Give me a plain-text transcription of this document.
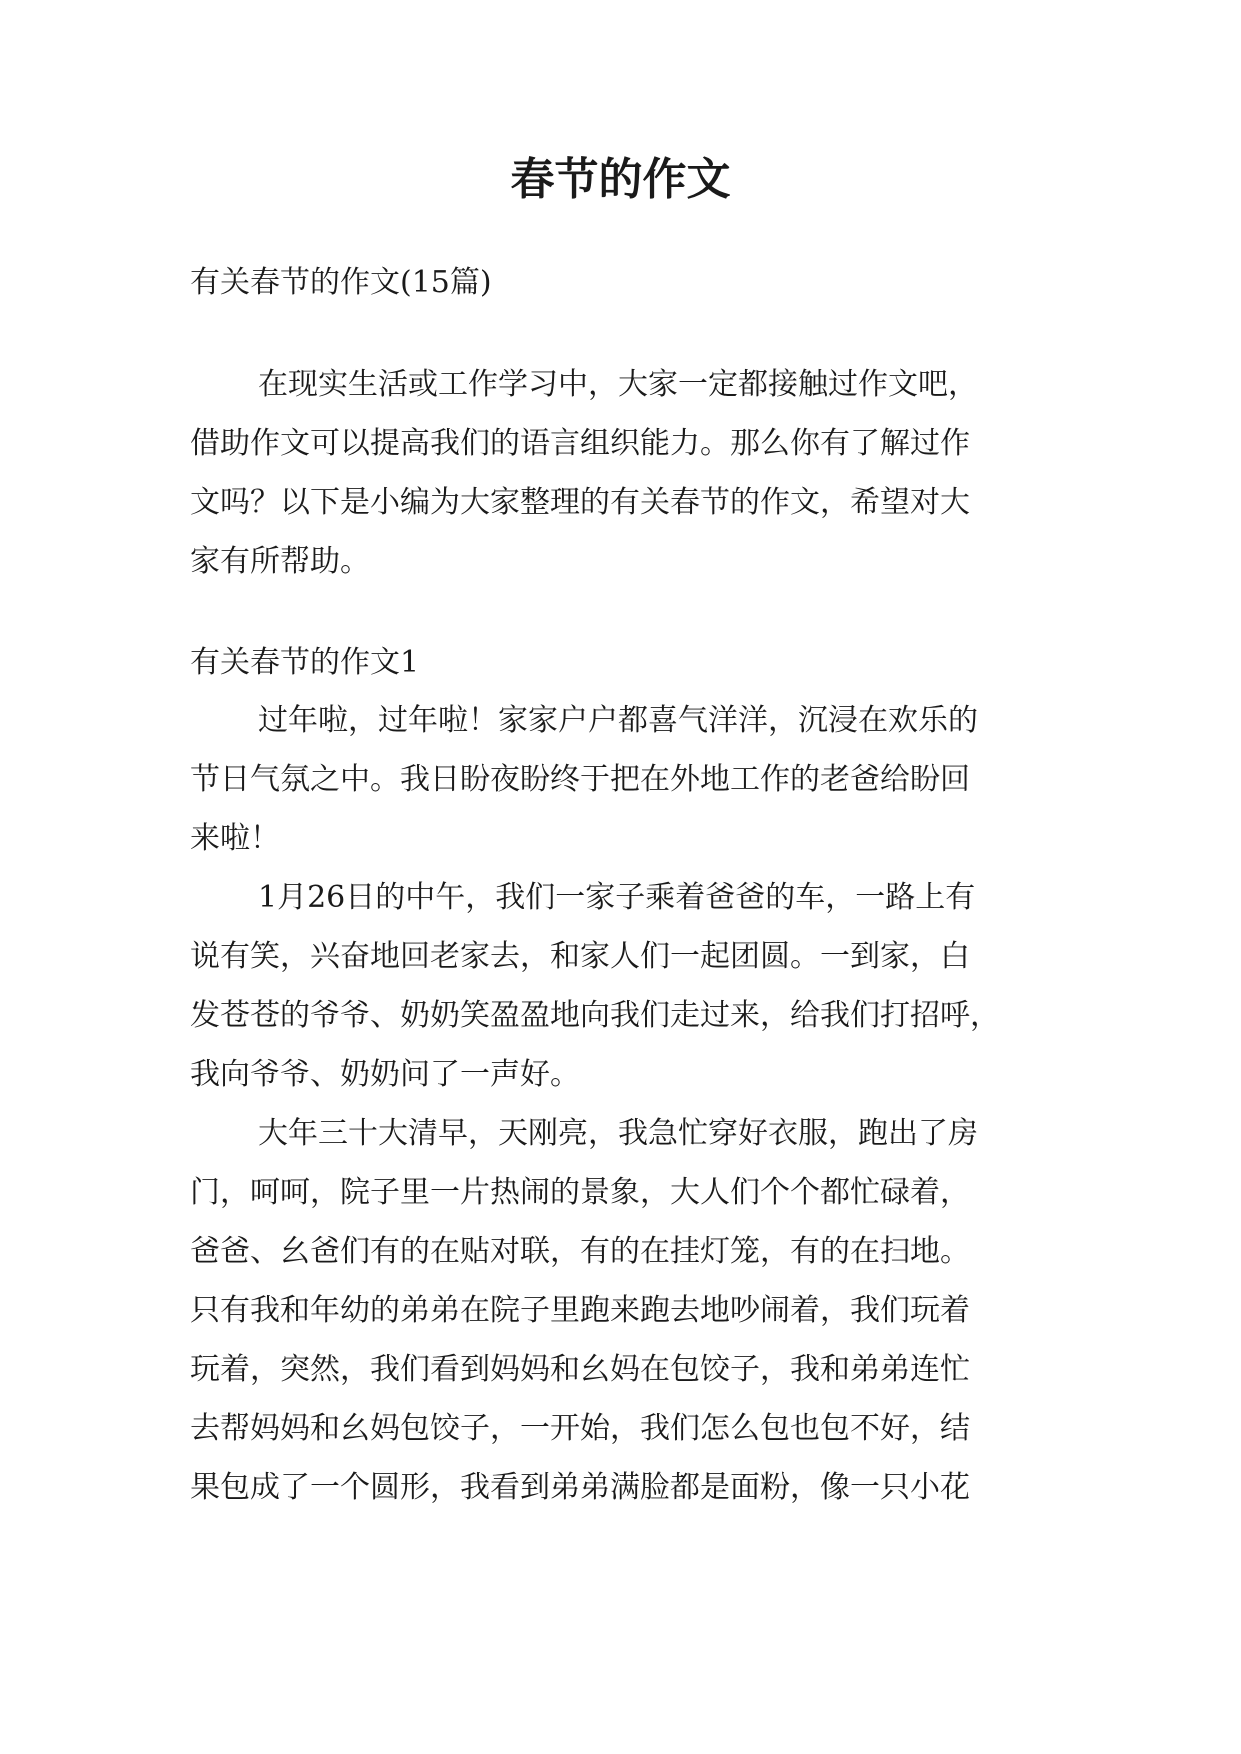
春节的作文

有关春节的作文(15篇)

在现实生活或工作学习中，大家一定都接触过作文吧，

借助作文可以提高我们的语言组织能力。那么你有了解过作

文吗？以下是小编为大家整理的有关春节的作文，希望对大

家有所帮助。

有关春节的作文1

过年啦，过年啦！家家户户都喜气洋洋，沉浸在欢乐的

节日气氛之中。我日盼夜盼终于把在外地工作的老爸给盼回

来啦！

1月26日的中午，我们一家子乘着爸爸的车，一路上有

说有笑，兴奋地回老家去，和家人们一起团圆。一到家，白

发苍苍的爷爷、奶奶笑盈盈地向我们走过来，给我们打招呼，

我向爷爷、奶奶问了一声好。

大年三十大清早，天刚亮，我急忙穿好衣服，跑出了房

门，呵呵，院子里一片热闹的景象，大人们个个都忙碌着，

爸爸、幺爸们有的在贴对联，有的在挂灯笼，有的在扫地。

只有我和年幼的弟弟在院子里跑来跑去地吵闹着，我们玩着

玩着，突然，我们看到妈妈和幺妈在包饺子，我和弟弟连忙

去帮妈妈和幺妈包饺子，一开始，我们怎么包也包不好，结

果包成了一个圆形，我看到弟弟满脸都是面粉，像一只小花
